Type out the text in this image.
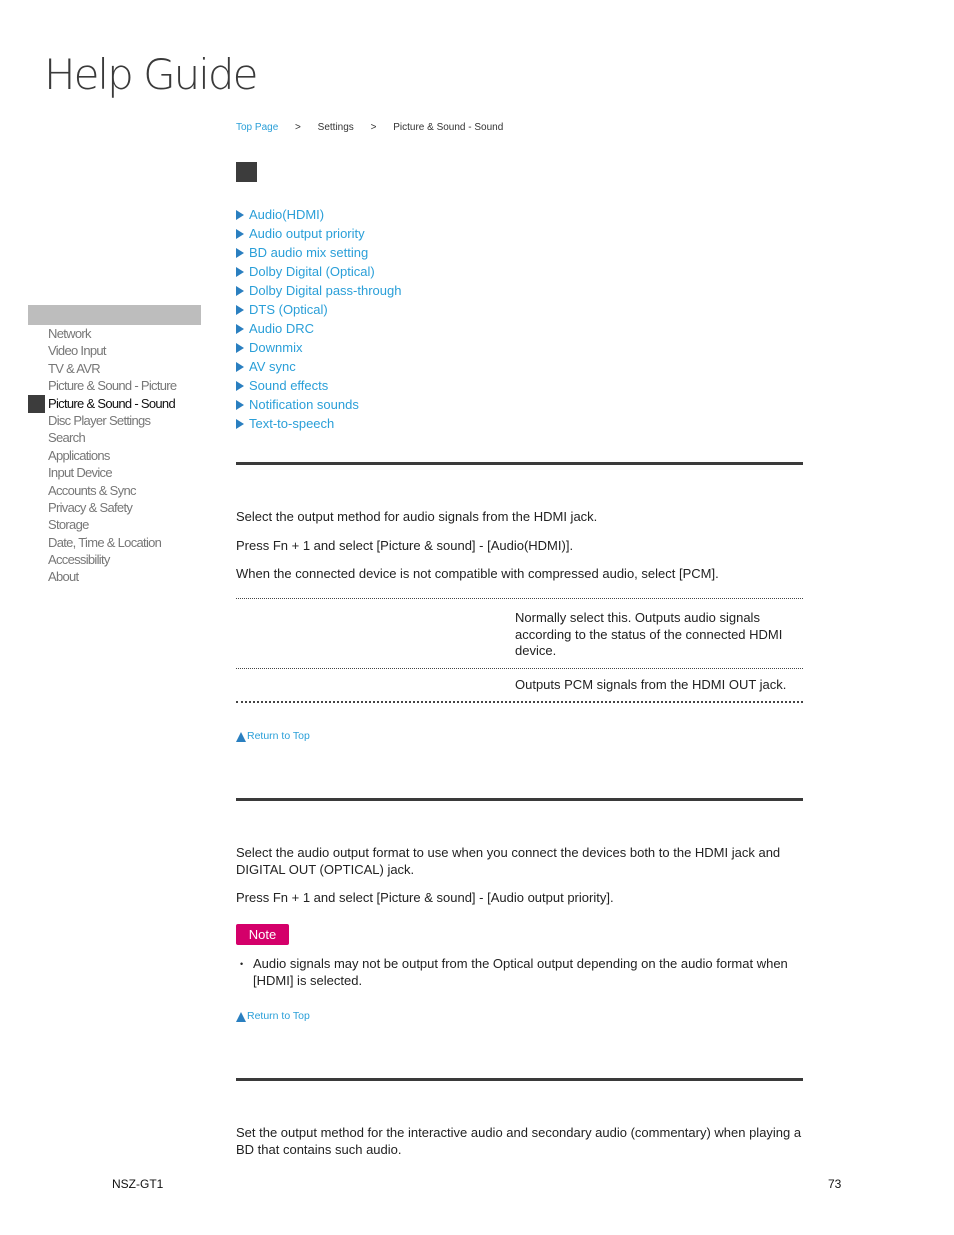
Help Guide
Top Page > Settings > Picture & Sound - Sound
Audio(HDMI)
Audio output priority
BD audio mix setting
Dolby Digital (Optical)
Dolby Digital pass-through
DTS (Optical)
Audio DRC
Downmix
AV sync
Sound effects
Notification sounds
Text-to-speech
Network
Video Input
TV & AVR
Picture & Sound - Picture
Picture & Sound - Sound
Disc Player Settings
Search
Applications
Input Device
Accounts & Sync
Privacy & Safety
Storage
Date, Time & Location
Accessibility
About

Select the output method for audio signals from the HDMI jack.

Press Fn + 1 and select [Picture & sound] - [Audio(HDMI)].

When the connected device is not compatible with compressed audio, select [PCM].

Normally select this. Outputs audio signals according to the status of the connected HDMI device.
Outputs PCM signals from the HDMI OUT jack.
Return to Top

Select the audio output format to use when you connect the devices both to the HDMI jack and DIGITAL OUT (OPTICAL) jack.

Press Fn + 1 and select [Picture & sound] - [Audio output priority].

Note
• Audio signals may not be output from the Optical output depending on the audio format when [HDMI] is selected.
Return to Top

Set the output method for the interactive audio and secondary audio (commentary) when playing a BD that contains such audio.

NSZ-GT1	73
